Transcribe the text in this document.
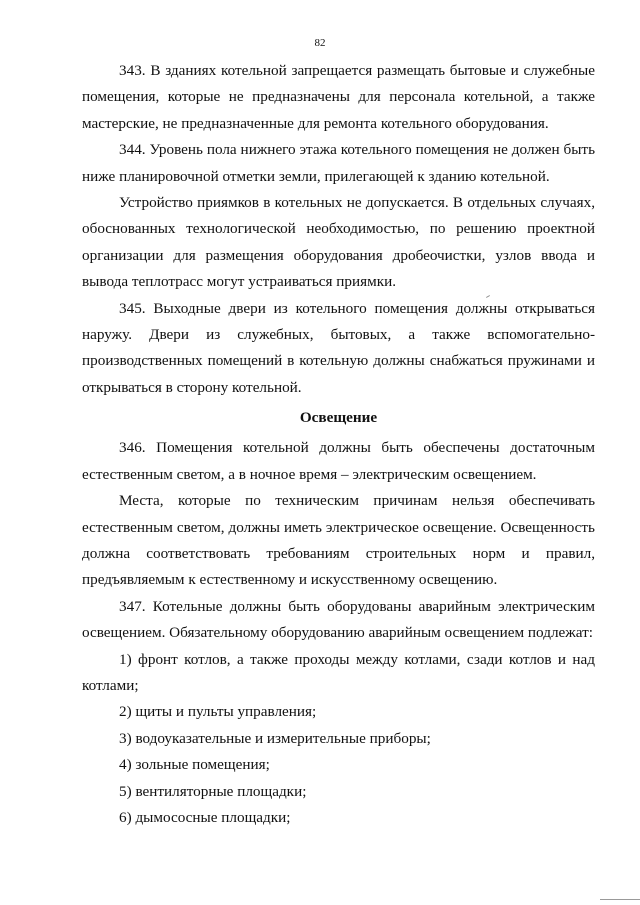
82

343. В зданиях котельной запрещается размещать бытовые и служебные помещения, которые не предназначены для персонала котельной, а также мастерские, не предназначенные для ремонта котельного оборудования.

344. Уровень пола нижнего этажа котельного помещения не должен быть ниже планировочной отметки земли, прилегающей к зданию котельной.

Устройство приямков в котельных не допускается. В отдельных случаях, обоснованных технологической необходимостью, по решению проектной организации для размещения оборудования дробеочистки, узлов ввода и вывода теплотрасс могут устраиваться приямки.

345. Выходные двери из котельного помещения должны открываться наружу. Двери из служебных, бытовых, а также вспомогательно-производственных помещений в котельную должны снабжаться пружинами и открываться в сторону котельной.

Освещение

346. Помещения котельной должны быть обеспечены достаточным естественным светом, а в ночное время – электрическим освещением.

Места, которые по техническим причинам нельзя обеспечивать естественным светом, должны иметь электрическое освещение. Освещенность должна соответствовать требованиям строительных норм и правил, предъявляемым к естественному и искусственному освещению.

347. Котельные должны быть оборудованы аварийным электрическим освещением. Обязательному оборудованию аварийным освещением подлежат:

1) фронт котлов, а также проходы между котлами, сзади котлов и над котлами;

2) щиты и пульты управления;

3) водоуказательные и измерительные приборы;

4) зольные помещения;

5) вентиляторные площадки;

6) дымососные площадки;
